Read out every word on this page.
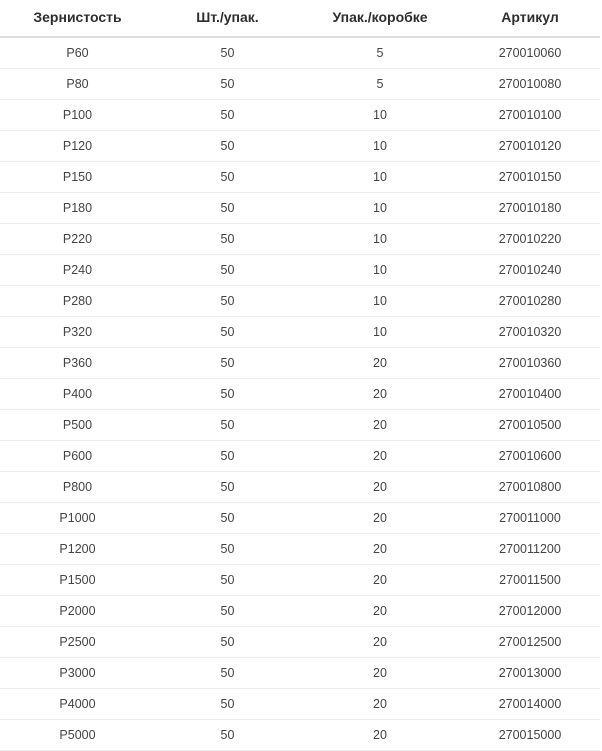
Зернистость	Шт./упак.	Упак./коробке	Артикул
P60	50	5	270010060
P80	50	5	270010080
P100	50	10	270010100
P120	50	10	270010120
P150	50	10	270010150
P180	50	10	270010180
P220	50	10	270010220
P240	50	10	270010240
P280	50	10	270010280
P320	50	10	270010320
P360	50	20	270010360
P400	50	20	270010400
P500	50	20	270010500
P600	50	20	270010600
P800	50	20	270010800
P1000	50	20	270011000
P1200	50	20	270011200
P1500	50	20	270011500
P2000	50	20	270012000
P2500	50	20	270012500
P3000	50	20	270013000
P4000	50	20	270014000
P5000	50	20	270015000
